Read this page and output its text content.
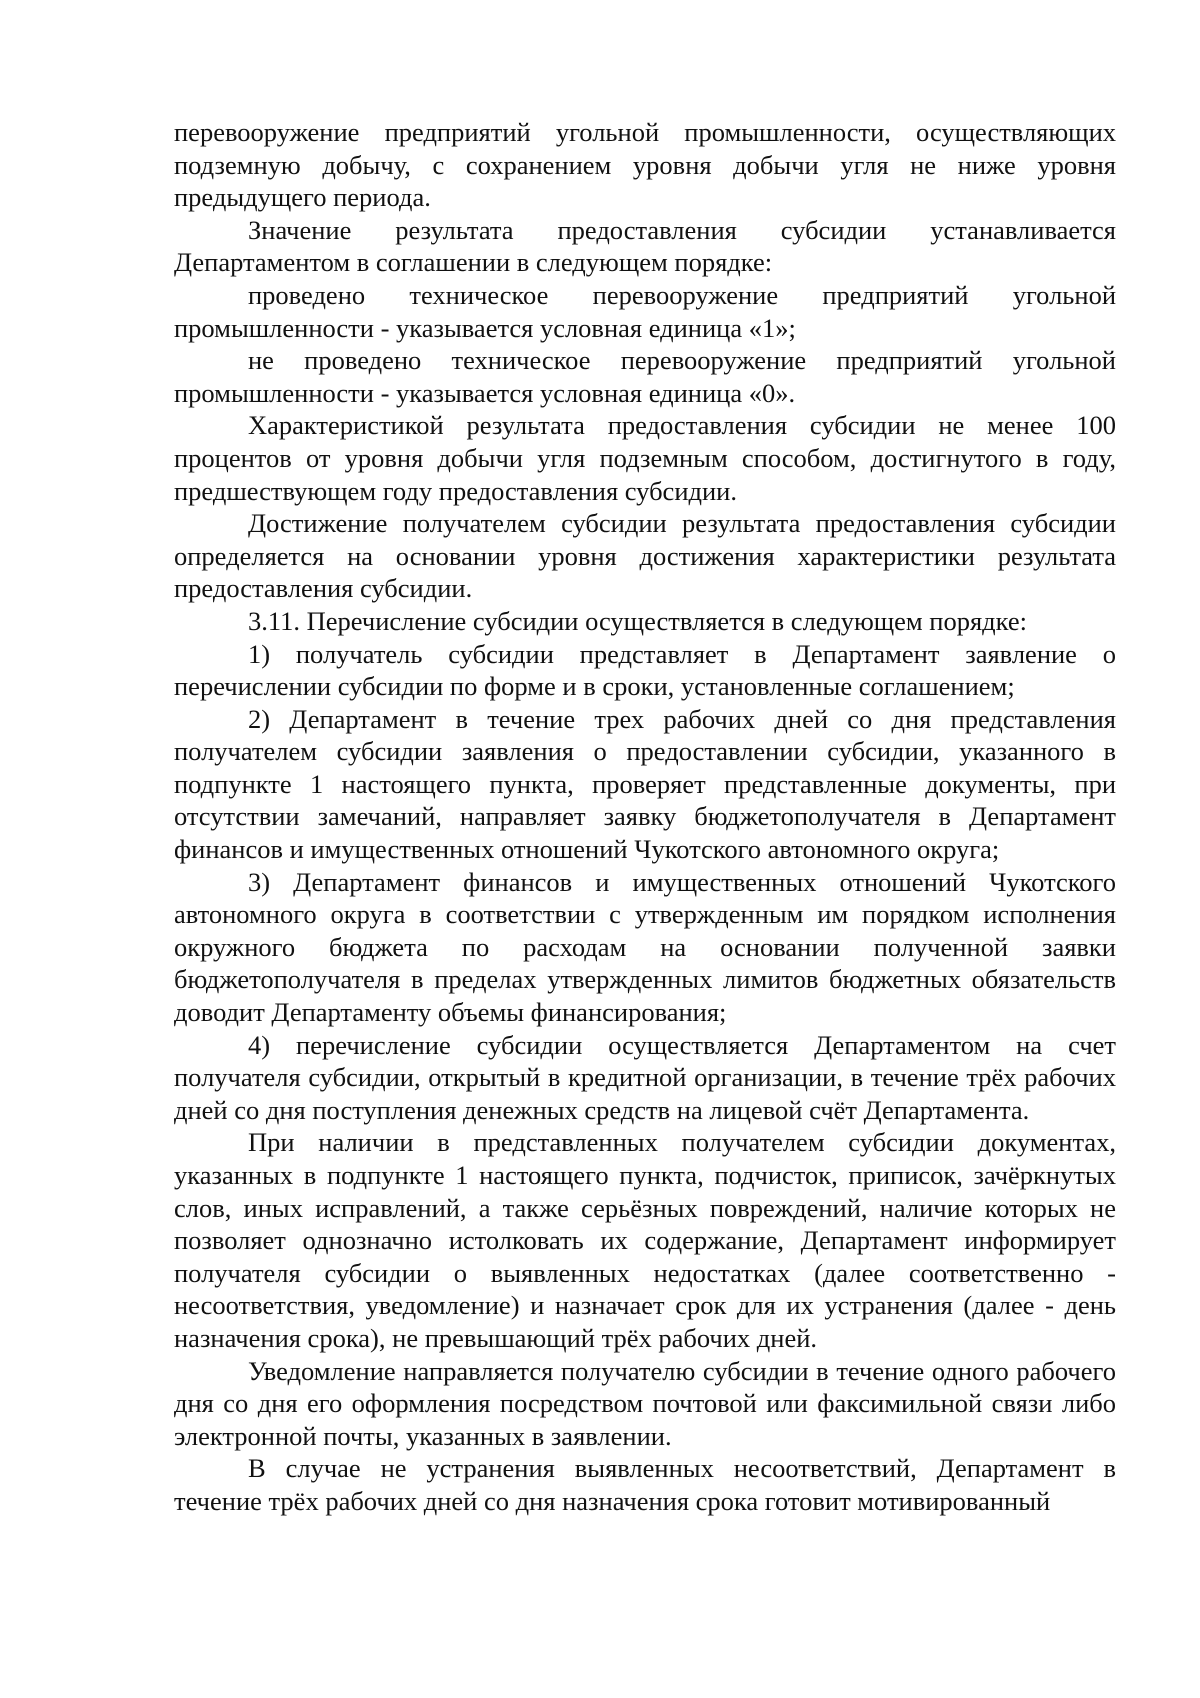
перевооружение предприятий угольной промышленности, осуществляющих подземную добычу, с сохранением уровня добычи угля не ниже уровня предыдущего периода.

Значение результата предоставления субсидии устанавливается Департаментом в соглашении в следующем порядке:

проведено техническое перевооружение предприятий угольной промышленности - указывается условная единица «1»;

не проведено техническое перевооружение предприятий угольной промышленности - указывается условная единица «0».

Характеристикой результата предоставления субсидии не менее 100 процентов от уровня добычи угля подземным способом, достигнутого в году, предшествующем году предоставления субсидии.

Достижение получателем субсидии результата предоставления субсидии определяется на основании уровня достижения характеристики результата предоставления субсидии.

3.11. Перечисление субсидии осуществляется в следующем порядке:

1) получатель субсидии представляет в Департамент заявление о перечислении субсидии по форме и в сроки, установленные соглашением;

2) Департамент в течение трех рабочих дней со дня представления получателем субсидии заявления о предоставлении субсидии, указанного в подпункте 1 настоящего пункта, проверяет представленные документы, при отсутствии замечаний, направляет заявку бюджетополучателя в Департамент финансов и имущественных отношений Чукотского автономного округа;

3) Департамент финансов и имущественных отношений Чукотского автономного округа в соответствии с утвержденным им порядком исполнения окружного бюджета по расходам на основании полученной заявки бюджетополучателя в пределах утвержденных лимитов бюджетных обязательств доводит Департаменту объемы финансирования;

4) перечисление субсидии осуществляется Департаментом на счет получателя субсидии, открытый в кредитной организации, в течение трёх рабочих дней со дня поступления денежных средств на лицевой счёт Департамента.

При наличии в представленных получателем субсидии документах, указанных в подпункте 1 настоящего пункта, подчисток, приписок, зачёркнутых слов, иных исправлений, а также серьёзных повреждений, наличие которых не позволяет однозначно истолковать их содержание, Департамент информирует получателя субсидии о выявленных недостатках (далее соответственно - несоответствия, уведомление) и назначает срок для их устранения (далее - день назначения срока), не превышающий трёх рабочих дней.

Уведомление направляется получателю субсидии в течение одного рабочего дня со дня его оформления посредством почтовой или факсимильной связи либо электронной почты, указанных в заявлении.

В случае не устранения выявленных несоответствий, Департамент в течение трёх рабочих дней со дня назначения срока готовит мотивированный
